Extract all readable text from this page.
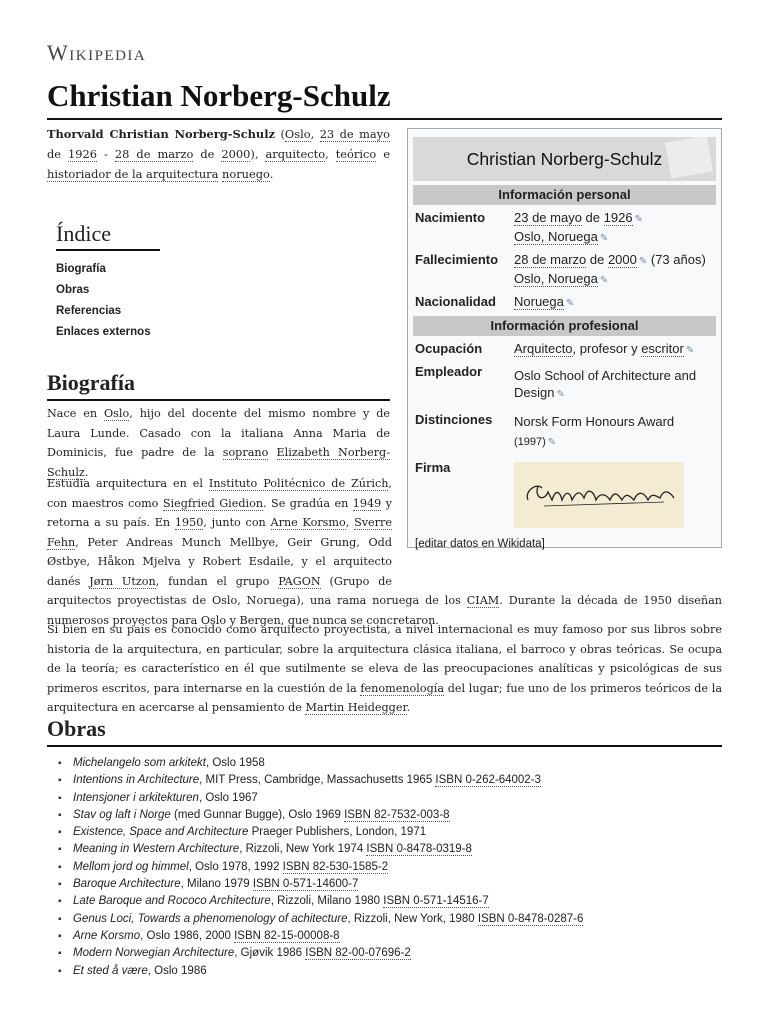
Wikipedia
Christian Norberg-Schulz

Thorvald Christian Norberg-Schulz (Oslo, 23 de mayo de 1926 - 28 de marzo de 2000), arquitecto, teórico e historiador de la arquitectura noruego.

Índice
Biografía
Obras
Referencias
Enlaces externos
Christian Norberg-Schulz
Información personal
Nacimiento	23 de mayo de 1926 ✎
Oslo, Noruega ✎
Fallecimiento	28 de marzo de 2000 ✎ (73 años)
Oslo, Noruega ✎
Nacionalidad	Noruega ✎
Información profesional
Ocupación	Arquitecto, profesor y escritor ✎
Empleador	Oslo School of Architecture and Design ✎
Distinciones	Norsk Form Honours Award (1997) ✎
Firma
[editar datos en Wikidata]
Biografía

Nace en Oslo, hijo del docente del mismo nombre y de Laura Lunde. Casado con la italiana Anna Maria de Dominicis, fue padre de la soprano Elizabeth Norberg-Schulz.

Estudia arquitectura en el Instituto Politécnico de Zúrich, con maestros como Siegfried Giedion. Se gradúa en 1949 y retorna a su país. En 1950, junto con Arne Korsmo, Sverre Fehn, Peter Andreas Munch Mellbye, Geir Grung, Odd Østbye, Håkon Mjelva y Robert Esdaile, y el arquitecto danés Jørn Utzon, fundan el grupo PAGON (Grupo de arquitectos proyectistas de Oslo, Noruega), una rama noruega de los CIAM. Durante la década de 1950 diseñan numerosos proyectos para Oslo y Bergen, que nunca se concretaron.

Si bien en su país es conocido como arquitecto proyectista, a nivel internacional es muy famoso por sus libros sobre historia de la arquitectura, en particular, sobre la arquitectura clásica italiana, el barroco y obras teóricas. Se ocupa de la teoría; es característico en él que sutilmente se eleva de las preocupaciones analíticas y psicológicas de sus primeros escritos, para internarse en la cuestión de la fenomenología del lugar; fue uno de los primeros teóricos de la arquitectura en acercarse al pensamiento de Martin Heidegger.

Obras
▪ Michelangelo som arkitekt, Oslo 1958
▪ Intentions in Architecture, MIT Press, Cambridge, Massachusetts 1965 ISBN 0-262-64002-3
▪ Intensjoner i arkitekturen, Oslo 1967
▪ Stav og laft i Norge (med Gunnar Bugge), Oslo 1969 ISBN 82-7532-003-8
▪ Existence, Space and Architecture Praeger Publishers, London, 1971
▪ Meaning in Western Architecture, Rizzoli, New York 1974 ISBN 0-8478-0319-8
▪ Mellom jord og himmel, Oslo 1978, 1992 ISBN 82-530-1585-2
▪ Baroque Architecture, Milano 1979 ISBN 0-571-14600-7
▪ Late Baroque and Rococo Architecture, Rizzoli, Milano 1980 ISBN 0-571-14516-7
▪ Genus Loci, Towards a phenomenology of achitecture, Rizzoli, New York, 1980 ISBN 0-8478-0287-6
▪ Arne Korsmo, Oslo 1986, 2000 ISBN 82-15-00008-8
▪ Modern Norwegian Architecture, Gjøvik 1986 ISBN 82-00-07696-2
▪ Et sted å være, Oslo 1986
